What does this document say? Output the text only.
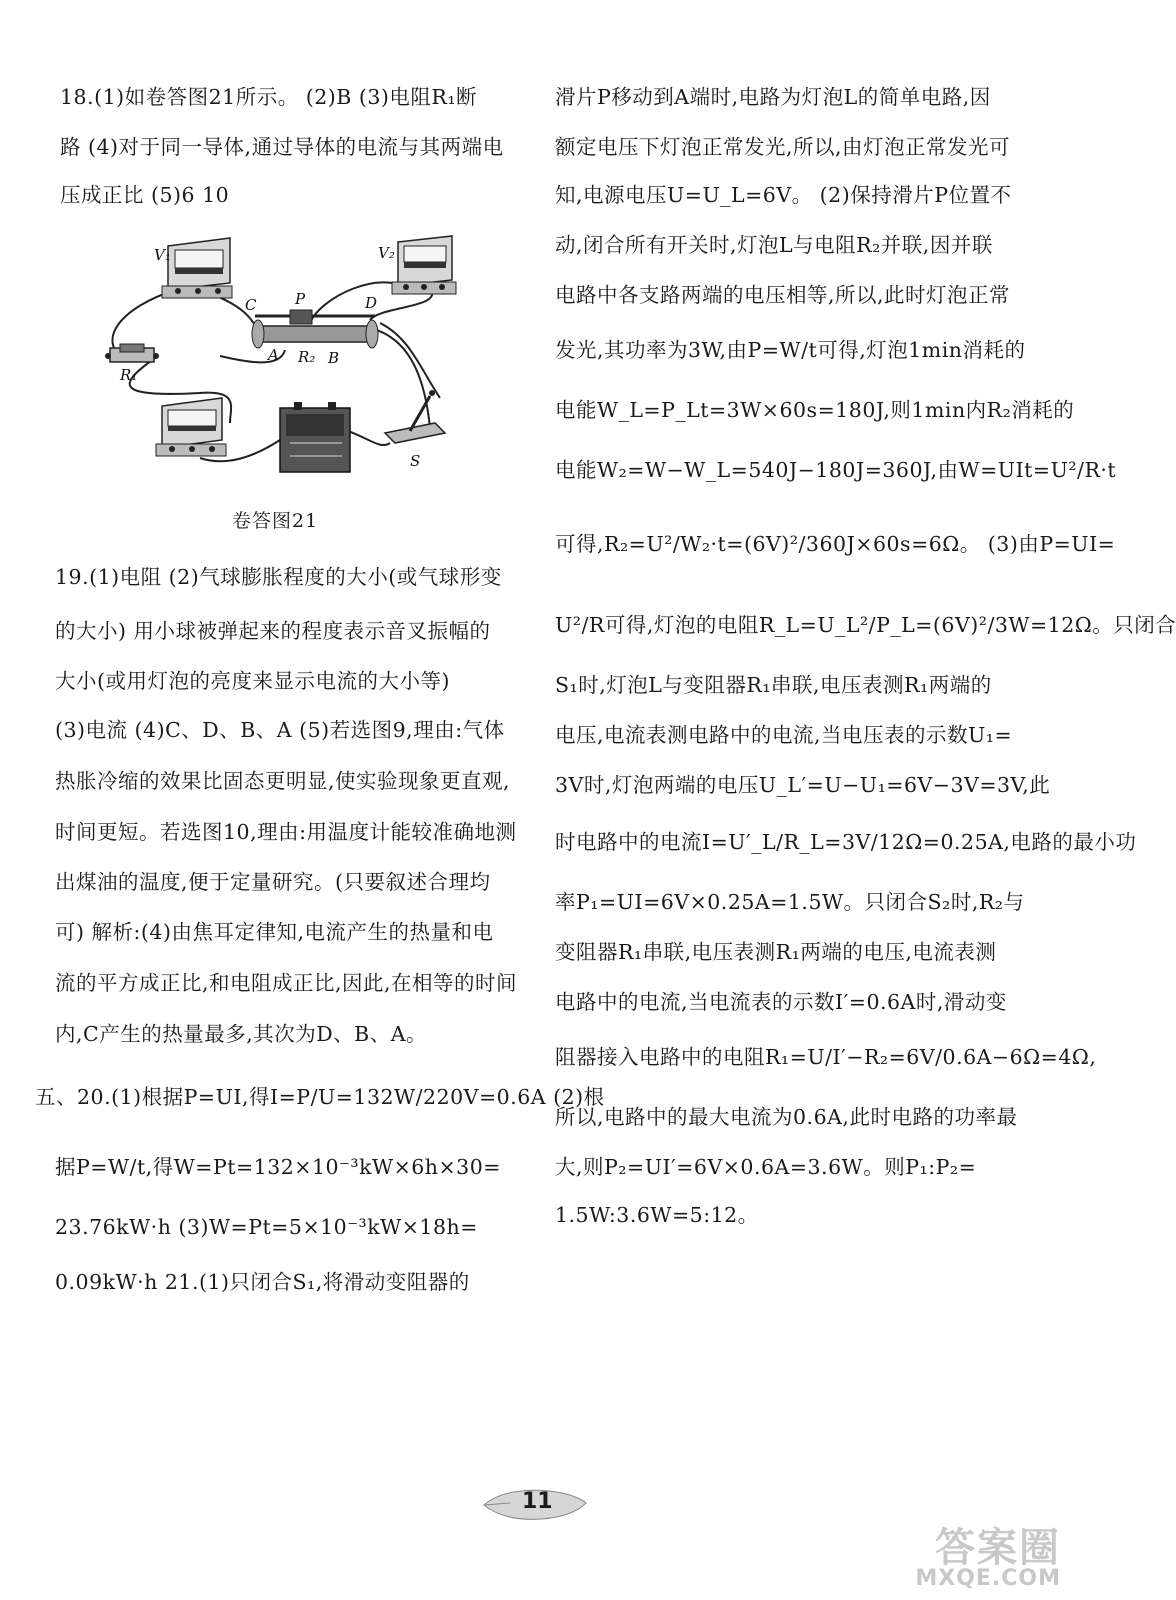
18.(1)如卷答图21所示。 (2)B (3)电阻R₁断
路 (4)对于同一导体,通过导体的电流与其两端电
压成正比 (5)6 10
19.(1)电阻 (2)气球膨胀程度的大小(或气球形变
的大小) 用小球被弹起来的程度表示音叉振幅的
大小(或用灯泡的亮度来显示电流的大小等)
(3)电流 (4)C、D、B、A (5)若选图9,理由:气体
热胀冷缩的效果比固态更明显,使实验现象更直观,
时间更短。若选图10,理由:用温度计能较准确地测
出煤油的温度,便于定量研究。(只要叙述合理均
可) 解析:(4)由焦耳定律知,电流产生的热量和电
流的平方成正比,和电阻成正比,因此,在相等的时间
内,C产生的热量最多,其次为D、B、A。
五、20.(1)根据P=UI,得I=P/U=132W/220V=0.6A (2)根
据P=W/t,得W=Pt=132×10⁻³kW×6h×30=
23.76kW·h (3)W=Pt=5×10⁻³kW×18h=
0.09kW·h 21.(1)只闭合S₁,将滑动变阻器的
V₁	V₂
R₁
C	P	D
A R₂ B
S
卷答图21
滑片P移动到A端时,电路为灯泡L的简单电路,因
额定电压下灯泡正常发光,所以,由灯泡正常发光可
知,电源电压U=U_L=6V。 (2)保持滑片P位置不
动,闭合所有开关时,灯泡L与电阻R₂并联,因并联
电路中各支路两端的电压相等,所以,此时灯泡正常
发光,其功率为3W,由P=W/t可得,灯泡1min消耗的
电能W_L=P_Lt=3W×60s=180J,则1min内R₂消耗的
电能W₂=W−W_L=540J−180J=360J,由W=UIt=U²/R·t
可得,R₂=U²/W₂·t=(6V)²/360J×60s=6Ω。 (3)由P=UI=
U²/R可得,灯泡的电阻R_L=U_L²/P_L=(6V)²/3W=12Ω。只闭合
S₁时,灯泡L与变阻器R₁串联,电压表测R₁两端的
电压,电流表测电路中的电流,当电压表的示数U₁=
3V时,灯泡两端的电压U_L′=U−U₁=6V−3V=3V,此
时电路中的电流I=U′_L/R_L=3V/12Ω=0.25A,电路的最小功
率P₁=UI=6V×0.25A=1.5W。只闭合S₂时,R₂与
变阻器R₁串联,电压表测R₁两端的电压,电流表测
电路中的电流,当电流表的示数I′=0.6A时,滑动变
阻器接入电路中的电阻R₁=U/I′−R₂=6V/0.6A−6Ω=4Ω,
所以,电路中的最大电流为0.6A,此时电路的功率最
大,则P₂=UI′=6V×0.6A=3.6W。则P₁:P₂=
1.5W:3.6W=5:12。
11
答案圈
MXQE.COM
